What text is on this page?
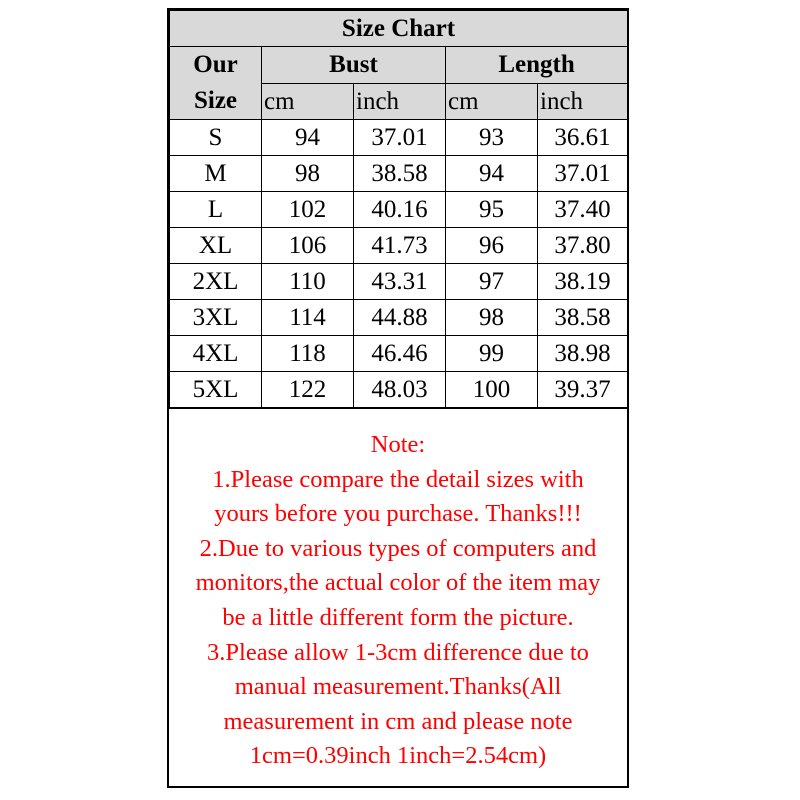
Size Chart				

Our
Size	Bust		Length	
	cm	inch	cm	inch
S	94	37.01	93	36.61
M	98	38.58	94	37.01
L	102	40.16	95	37.40
XL	106	41.73	96	37.80
2XL	110	43.31	97	38.19
3XL	114	44.88	98	38.58
4XL	118	46.46	99	38.98
5XL	122	48.03	100	39.37
Note:
1.Please compare the detail sizes with
yours before you purchase. Thanks!!!
2.Due to various types of computers and
monitors,the actual color of the item may
be a little different form the picture.
3.Please allow 1-3cm difference due to
manual measurement.Thanks(All
measurement in cm and please note
1cm=0.39inch 1inch=2.54cm)
